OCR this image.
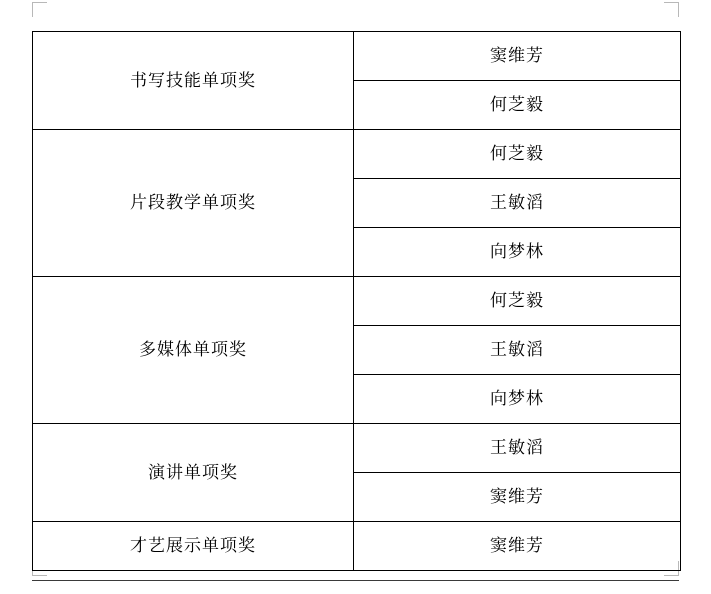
书写技能单项奖	窦维芳
	何芝毅
片段教学单项奖	何芝毅
	王敏滔
	向梦林
多媒体单项奖	何芝毅
	王敏滔
	向梦林
演讲单项奖	王敏滔
	窦维芳
才艺展示单项奖	窦维芳
